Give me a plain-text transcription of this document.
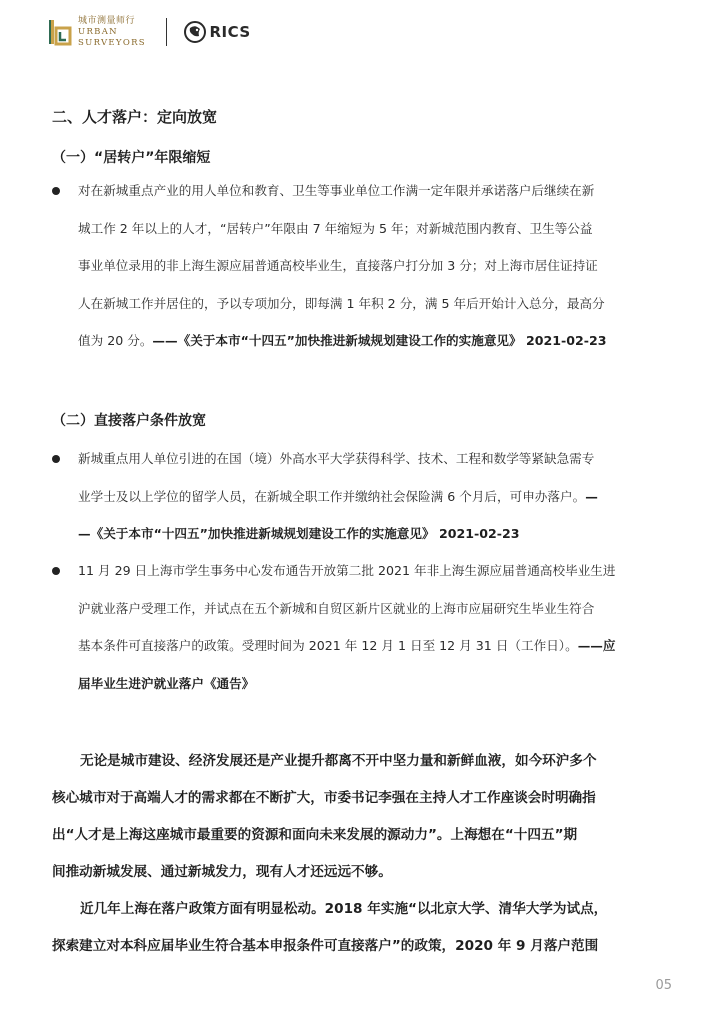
城市测量师行
URBAN
SURVEYORS
RICS
二、人才落户：定向放宽
（一）“居转户”年限缩短
对在新城重点产业的用人单位和教育、卫生等事业单位工作满一定年限并承诺落户后继续在新
城工作 2 年以上的人才，“居转户”年限由 7 年缩短为 5 年；对新城范围内教育、卫生等公益
事业单位录用的非上海生源应届普通高校毕业生，直接落户打分加 3 分；对上海市居住证持证
人在新城工作并居住的，予以专项加分，即每满 1 年积 2 分，满 5 年后开始计入总分，最高分
值为 20 分。——《关于本市“十四五”加快推进新城规划建设工作的实施意见》 2021-02-23
（二）直接落户条件放宽
新城重点用人单位引进的在国（境）外高水平大学获得科学、技术、工程和数学等紧缺急需专
业学士及以上学位的留学人员，在新城全职工作并缴纳社会保险满 6 个月后，可申办落户。—
—《关于本市“十四五”加快推进新城规划建设工作的实施意见》 2021-02-23
11 月 29 日上海市学生事务中心发布通告开放第二批 2021 年非上海生源应届普通高校毕业生进
沪就业落户受理工作，并试点在五个新城和自贸区新片区就业的上海市应届研究生毕业生符合
基本条件可直接落户的政策。受理时间为 2021 年 12 月 1 日至 12 月 31 日（工作日）。——应
届毕业生进沪就业落户《通告》
无论是城市建设、经济发展还是产业提升都离不开中坚力量和新鲜血液，如今环沪多个
核心城市对于高端人才的需求都在不断扩大，市委书记李强在主持人才工作座谈会时明确指
出“人才是上海这座城市最重要的资源和面向未来发展的源动力”。上海想在“十四五”期
间推动新城发展、通过新城发力，现有人才还远远不够。
近几年上海在落户政策方面有明显松动。2018 年实施“以北京大学、清华大学为试点，
探索建立对本科应届毕业生符合基本申报条件可直接落户”的政策，2020 年 9 月落户范围
05
